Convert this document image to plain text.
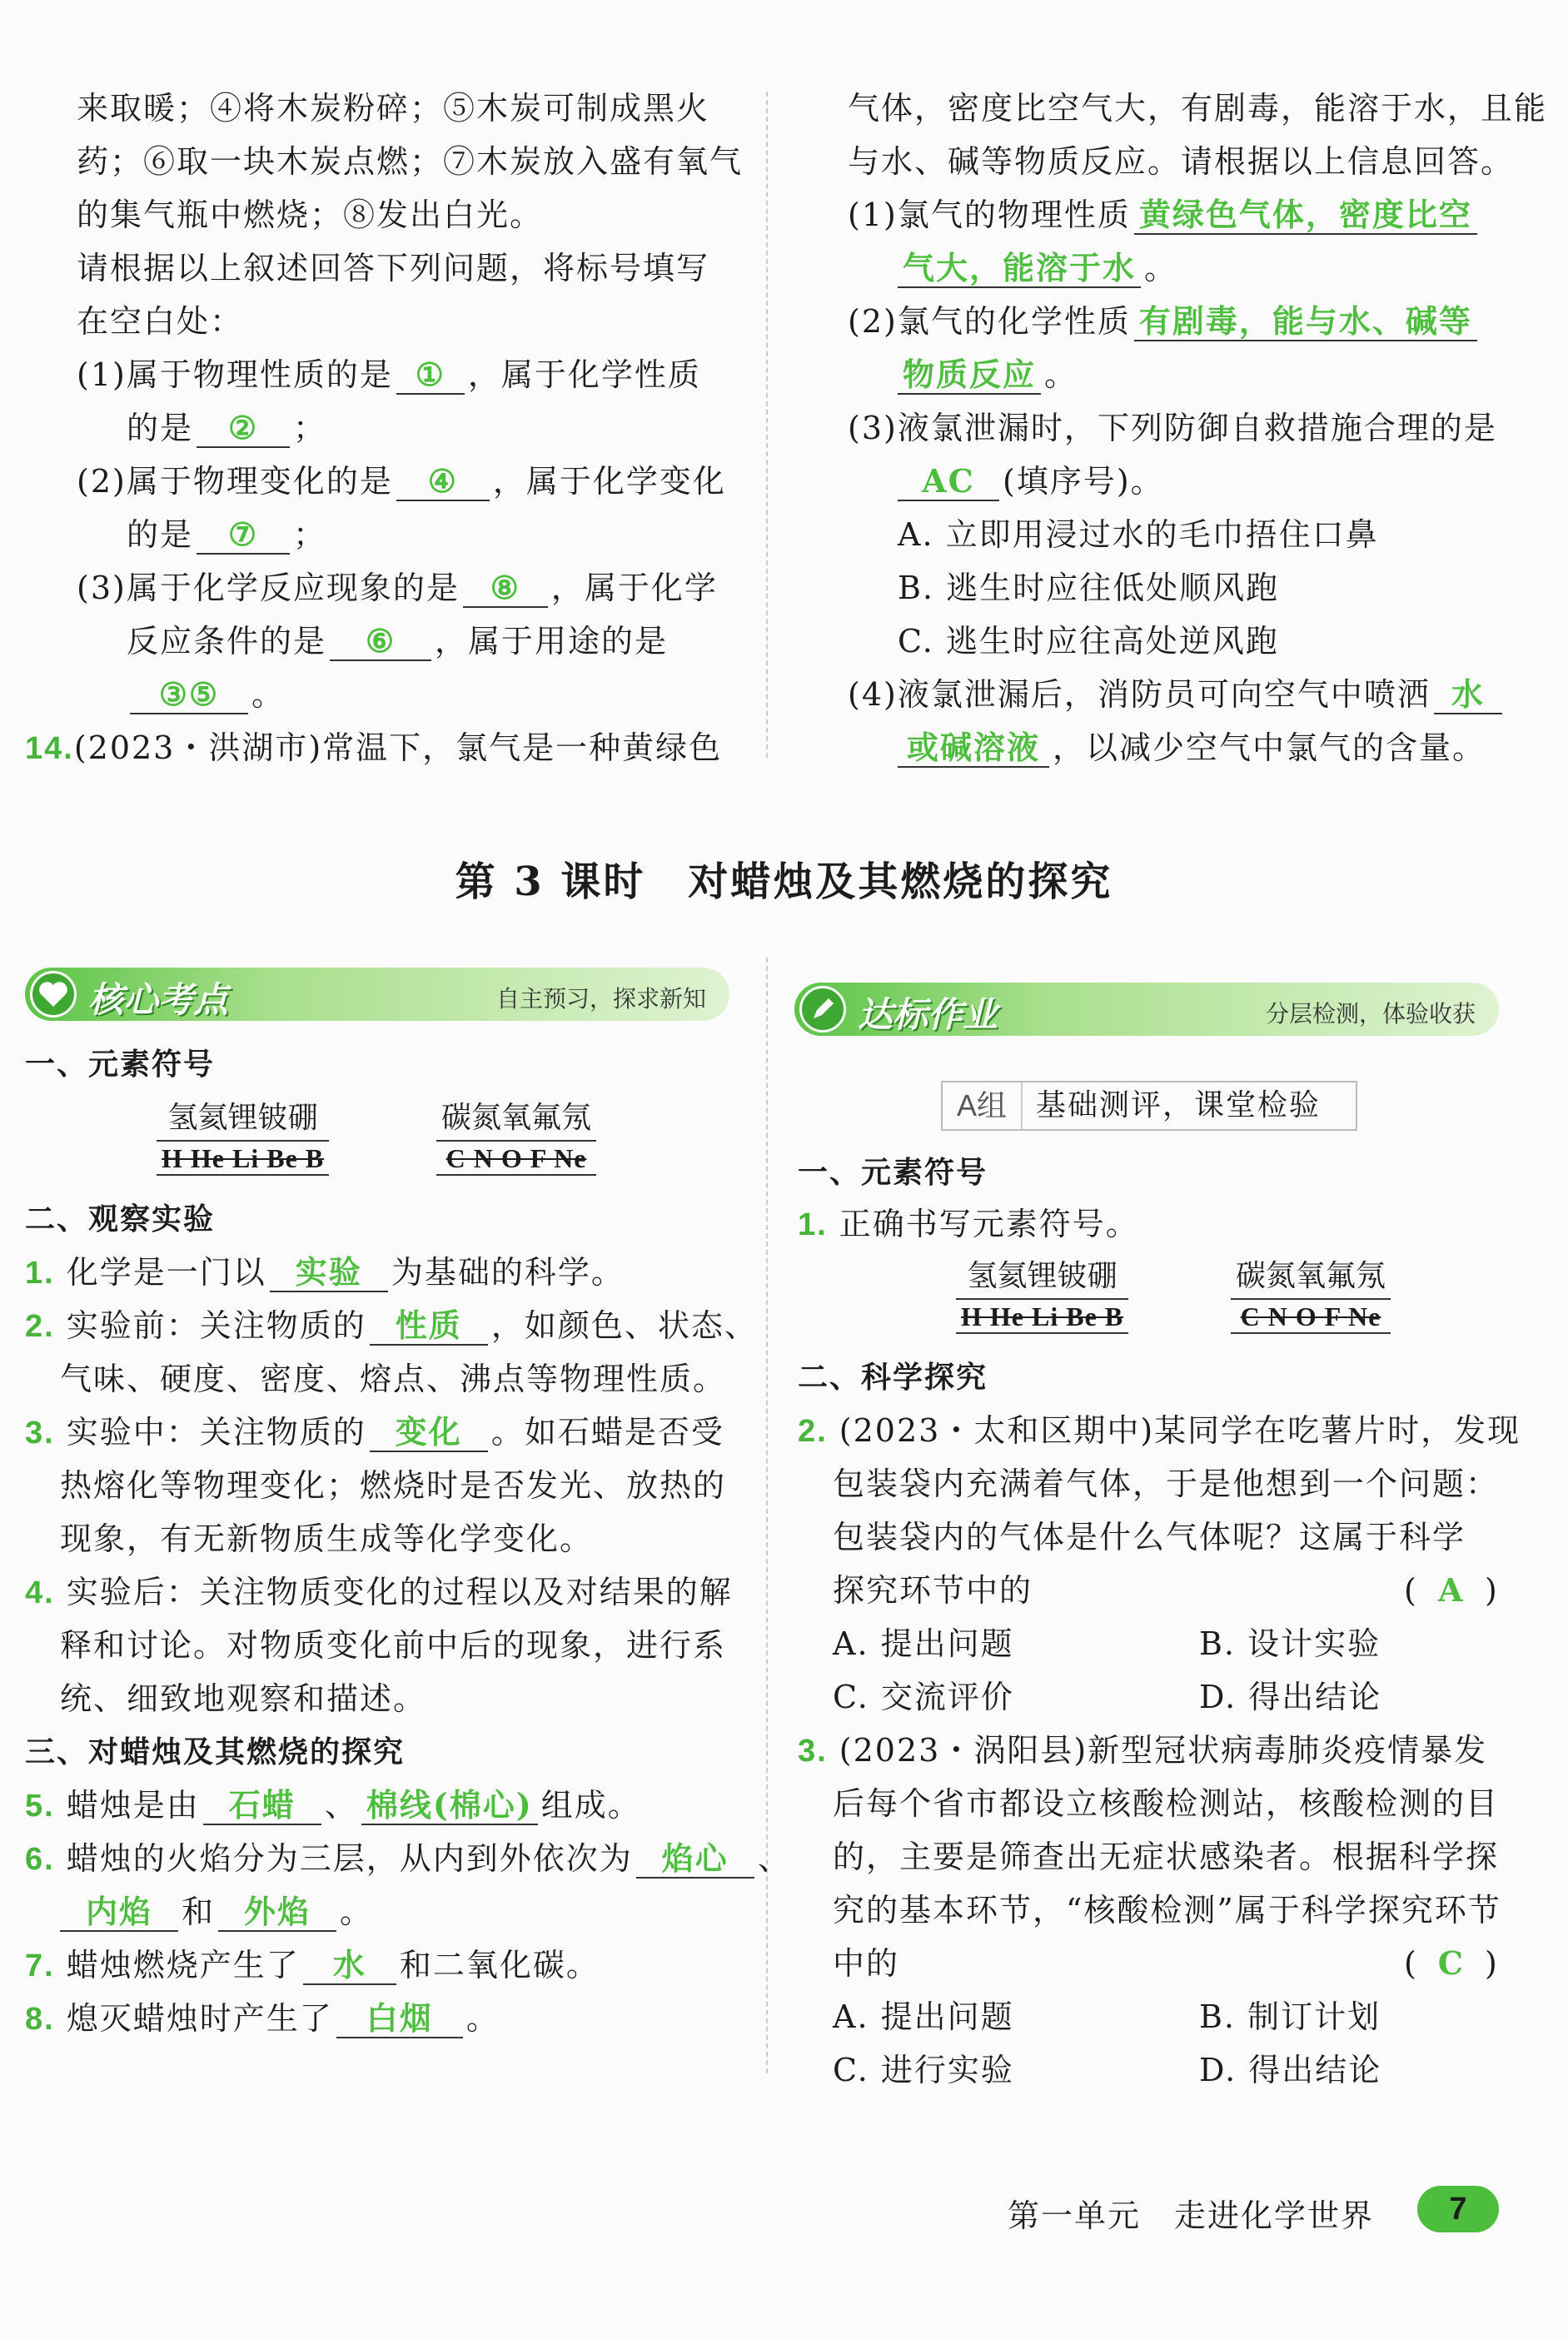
来取暖；④将木炭粉碎；⑤木炭可制成黑火
药；⑥取一块木炭点燃；⑦木炭放入盛有氧气
的集气瓶中燃烧；⑧发出白光。
请根据以上叙述回答下列问题，将标号填写
在空白处：
(1)属于物理性质的是 ① ，属于化学性质
的是 ② ；
(2)属于物理变化的是 ④ ，属于化学变化
的是 ⑦ ；
(3)属于化学反应现象的是 ⑧ ，属于化学
反应条件的是 ⑥ ，属于用途的是
③⑤ 。
14.(2023・洪湖市)常温下，氯气是一种黄绿色
气体，密度比空气大，有剧毒，能溶于水，且能
与水、碱等物质反应。请根据以上信息回答。
(1)氯气的物理性质 黄绿色气体，密度比空
气大，能溶于水 。
(2)氯气的化学性质 有剧毒，能与水、碱等
物质反应 。
(3)液氯泄漏时，下列防御自救措施合理的是
AC (填序号)。
A. 立即用浸过水的毛巾捂住口鼻
B. 逃生时应往低处顺风跑
C. 逃生时应往高处逆风跑
(4)液氯泄漏后，消防员可向空气中喷洒 水
或碱溶液 ，以减少空气中氯气的含量。
第 3 课时　对蜡烛及其燃烧的探究
核心考点	自主预习，探求新知	达标作业	分层检测，体验收获
一、元素符号
氢氦锂铍硼
H He Li Be B
碳氮氧氟氖
C N O F Ne
二、观察实验
1. 化学是一门以 实验 为基础的科学。
2. 实验前：关注物质的 性质 ，如颜色、状态、
气味、硬度、密度、熔点、沸点等物理性质。
3. 实验中：关注物质的 变化 。如石蜡是否受
热熔化等物理变化；燃烧时是否发光、放热的
现象，有无新物质生成等化学变化。
4. 实验后：关注物质变化的过程以及对结果的解
释和讨论。对物质变化前中后的现象，进行系
统、细致地观察和描述。
三、对蜡烛及其燃烧的探究
5. 蜡烛是由 石蜡 、 棉线(棉心) 组成。
6. 蜡烛的火焰分为三层，从内到外依次为 焰心 、
内焰 和 外焰 。
7. 蜡烛燃烧产生了 水 和二氧化碳。
8. 熄灭蜡烛时产生了 白烟 。
A组 基础测评，课堂检验
一、元素符号
1. 正确书写元素符号。
氢氦锂铍硼
H He Li Be B
碳氮氧氟氖
C N O F Ne
二、科学探究
2. (2023・太和区期中)某同学在吃薯片时，发现
包装袋内充满着气体，于是他想到一个问题：
包装袋内的气体是什么气体呢？这属于科学
探究环节中的	( A )
A. 提出问题	B. 设计实验
C. 交流评价	D. 得出结论
3. (2023・涡阳县)新型冠状病毒肺炎疫情暴发
后每个省市都设立核酸检测站，核酸检测的目
的，主要是筛查出无症状感染者。根据科学探
究的基本环节，“核酸检测”属于科学探究环节
中的	( C )
A. 提出问题	B. 制订计划
C. 进行实验	D. 得出结论
第一单元　走进化学世界	7
